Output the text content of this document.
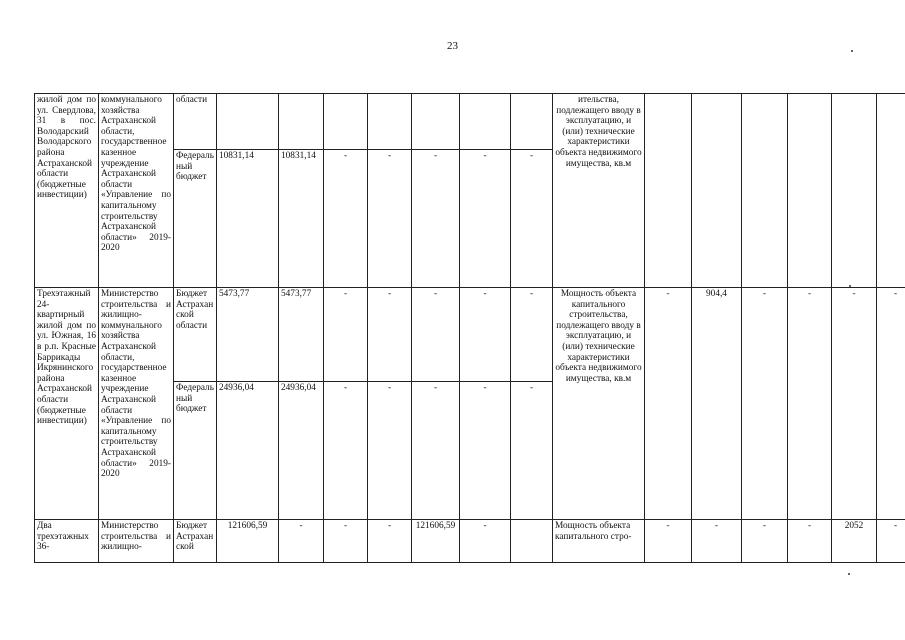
23
жилой дом по ул. Свердлова, 31 в пос. Володарский Володарского района Астраханской области (бюджетные инвестиции)	коммунального хозяйства Астраханской области, государственное казенное учреждение Астраханской области «Управление по капитальному строительству Астраханской области» 2019-2020	области								ительства, подлежащего вводу в эксплуатацию, и (или) технические характеристики объекта недвижимого имущества, кв.м						
		Федеральный бюджет	10831,14	10831,14	-	-	-	-	-							
Трехэтажный 24-квартирный жилой дом по ул. Южная, 16 в р.п. Красные Баррикады Икрянинского района Астраханской области (бюджетные инвестиции)	Министерство строительства и жилищно-коммунального хозяйства Астраханской области, государственное казенное учреждение Астраханской области «Управление по капитальному строительству Астраханской области» 2019-2020	Бюджет Астраханской области	5473,77	5473,77	-	-	-	-	-	Мощность объекта капитального строительства, подлежащего вводу в эксплуатацию, и (или) технические характеристики объекта недвижимого имущества, кв.м	-	904,4	-	-	-	-
		Федеральный бюджет	24936,04	24936,04	-	-	-	-	-							
Два трехэтажных 36-	Министерство строительства и жилищно-	Бюджет Астраханской	121606,59	-	-	-	121606,59	-		Мощность объекта капитального стро-	-	-	-	-	2052	-
